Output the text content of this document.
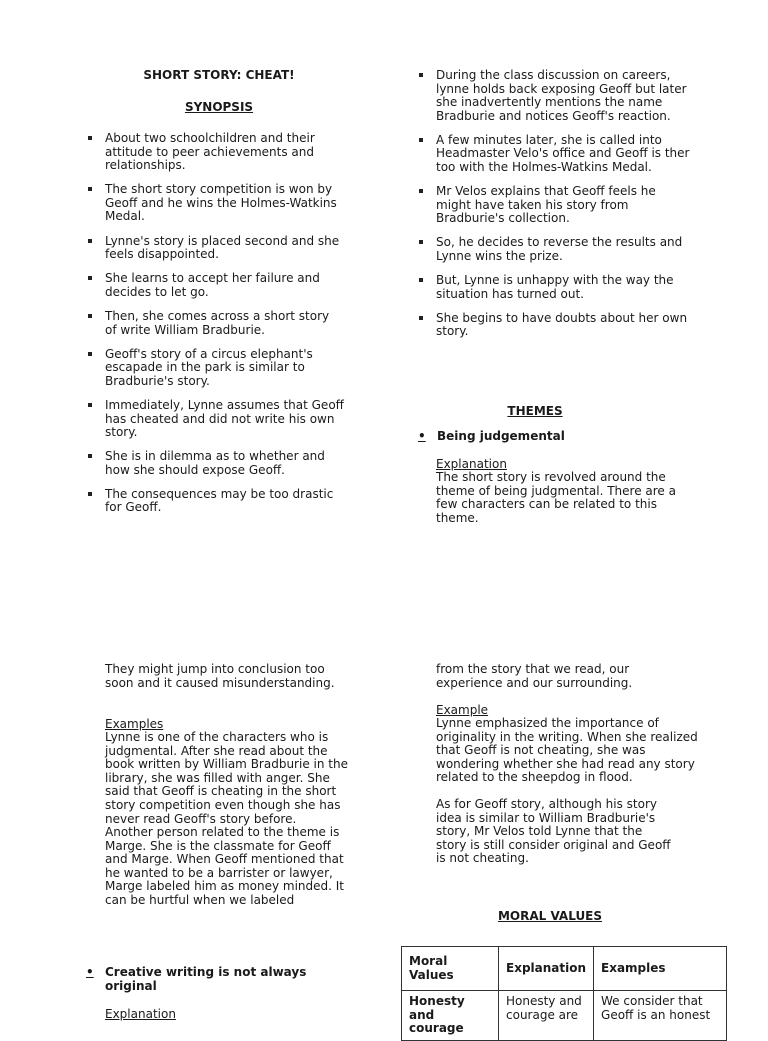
SHORT STORY: CHEAT!
SYNOPSIS
About two schoolchildren and their attitude to peer achievements and relationships.
The short story competition is won by Geoff and he wins the Holmes-Watkins Medal.
Lynne's story is placed second and she feels disappointed.
She learns to accept her failure and decides to let go.
Then, she comes across a short story of write William Bradburie.
Geoff's story of a circus elephant's escapade in the park is similar to Bradburie's story.
Immediately, Lynne assumes that Geoff has cheated and did not write his own story.
She is in dilemma as to whether and how she should expose Geoff.
The consequences may be too drastic for Geoff.
During the class discussion on careers, lynne holds back exposing Geoff but later she inadvertently mentions the name Bradburie and notices Geoff's reaction.
A few minutes later, she is called into Headmaster Velo's office and Geoff is ther too with the Holmes-Watkins Medal.
Mr Velos explains that Geoff feels he might have taken his story from Bradburie's collection.
So, he decides to reverse the results and Lynne wins the prize.
But, Lynne is unhappy with the way the situation has turned out.
She begins to have doubts about her own story.
THEMES
• Being judgemental
Explanation
The short story is revolved around the theme of being judgmental. There are a few characters can be related to this theme.
They might jump into conclusion too soon and it caused misunderstanding.
Examples
Lynne is one of the characters who is judgmental. After she read about the book written by William Bradburie in the library, she was filled with anger. She said that Geoff is cheating in the short story competition even though she has never read Geoff's story before.
Another person related to the theme is Marge. She is the classmate for Geoff and Marge. When Geoff mentioned that he wanted to be a barrister or lawyer, Marge labeled him as money minded. It can be hurtful when we labeled
• Creative writing is not always original
Explanation
from the story that we read, our experience and our surrounding.
Example
Lynne emphasized the importance of originality in the writing. When she realized that Geoff is not cheating, she was wondering whether she had read any story related to the sheepdog in flood.
As for Geoff story, although his story idea is similar to William Bradburie's story, Mr Velos told Lynne that the story is still consider original and Geoff is not cheating.
MORAL VALUES
Moral Values	Explanation	Examples
Honesty and courage	Honesty and courage are	We consider that Geoff is an honest
